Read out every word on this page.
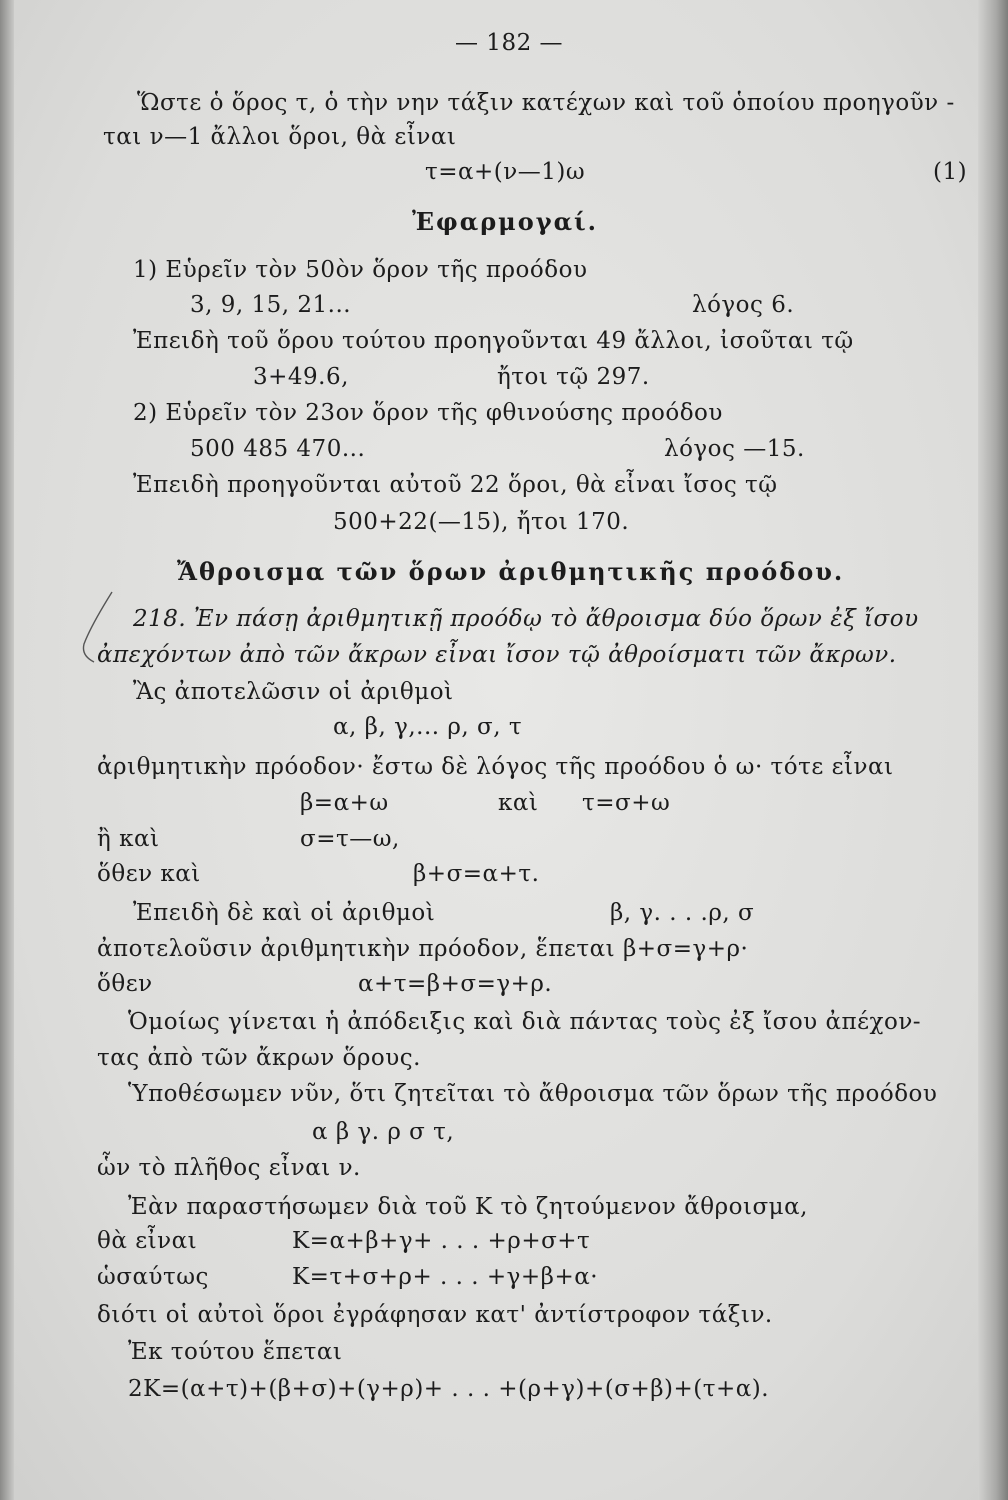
— 182 —
Ὥστε ὁ ὅρος τ, ὁ τὴν νην τάξιν κατέχων καὶ τοῦ ὁποίου προηγοῦν -
ται ν—1 ἄλλοι ὅροι, θὰ εἶναι
τ=α+(ν—1)ω	(1)
Ἐφαρμογαί.
1) Εὑρεῖν τὸν 50ὸν ὅρον τῆς προόδου
3, 9, 15, 21...	λόγος 6.
Ἐπειδὴ τοῦ ὅρου τούτου προηγοῦνται 49 ἄλλοι, ἰσοῦται τῷ
3+49.6,	ἤτοι τῷ 297.
2) Εὑρεῖν τὸν 23ον ὅρον τῆς φθινούσης προόδου
500 485 470...	λόγος —15.
Ἐπειδὴ προηγοῦνται αὐτοῦ 22 ὅροι, θὰ εἶναι ἴσος τῷ
500+22(—15), ἤτοι 170.
Ἄθροισμα τῶν ὅρων ἀριθμητικῆς προόδου.
218. Ἐν πάσῃ ἀριθμητικῇ προόδῳ τὸ ἄθροισμα δύο ὅρων ἐξ ἴσου
ἀπεχόντων ἀπὸ τῶν ἄκρων εἶναι ἴσον τῷ ἀθροίσματι τῶν ἄκρων.
Ἂς ἀποτελῶσιν οἱ ἀριθμοὶ
α, β, γ,... ρ, σ, τ
ἀριθμητικὴν πρόοδον· ἔστω δὲ λόγος τῆς προόδου ὁ ω· τότε εἶναι
β=α+ω	καὶ τ=σ+ω
ἢ καὶ	σ=τ—ω,
ὅθεν καὶ	β+σ=α+τ.
Ἐπειδὴ δὲ καὶ οἱ ἀριθμοὶ	β, γ. . . .ρ, σ
ἀποτελοῦσιν ἀριθμητικὴν πρόοδον, ἕπεται β+σ=γ+ρ·
ὅθεν	α+τ=β+σ=γ+ρ.
Ὁμοίως γίνεται ἡ ἀπόδειξις καὶ διὰ πάντας τοὺς ἐξ ἴσου ἀπέχον-
τας ἀπὸ τῶν ἄκρων ὅρους.
Ὑποθέσωμεν νῦν, ὅτι ζητεῖται τὸ ἄθροισμα τῶν ὅρων τῆς προόδου
α β γ. ρ σ τ,
ὧν τὸ πλῆθος εἶναι ν.
Ἐὰν παραστήσωμεν διὰ τοῦ Κ τὸ ζητούμενον ἄθροισμα,
θὰ εἶναι	Κ=α+β+γ+ . . . +ρ+σ+τ
ὡσαύτως	Κ=τ+σ+ρ+ . . . +γ+β+α·
διότι οἱ αὐτοὶ ὅροι ἐγράφησαν κατ' ἀντίστροφον τάξιν.
Ἐκ τούτου ἕπεται
2Κ=(α+τ)+(β+σ)+(γ+ρ)+ . . . +(ρ+γ)+(σ+β)+(τ+α).
